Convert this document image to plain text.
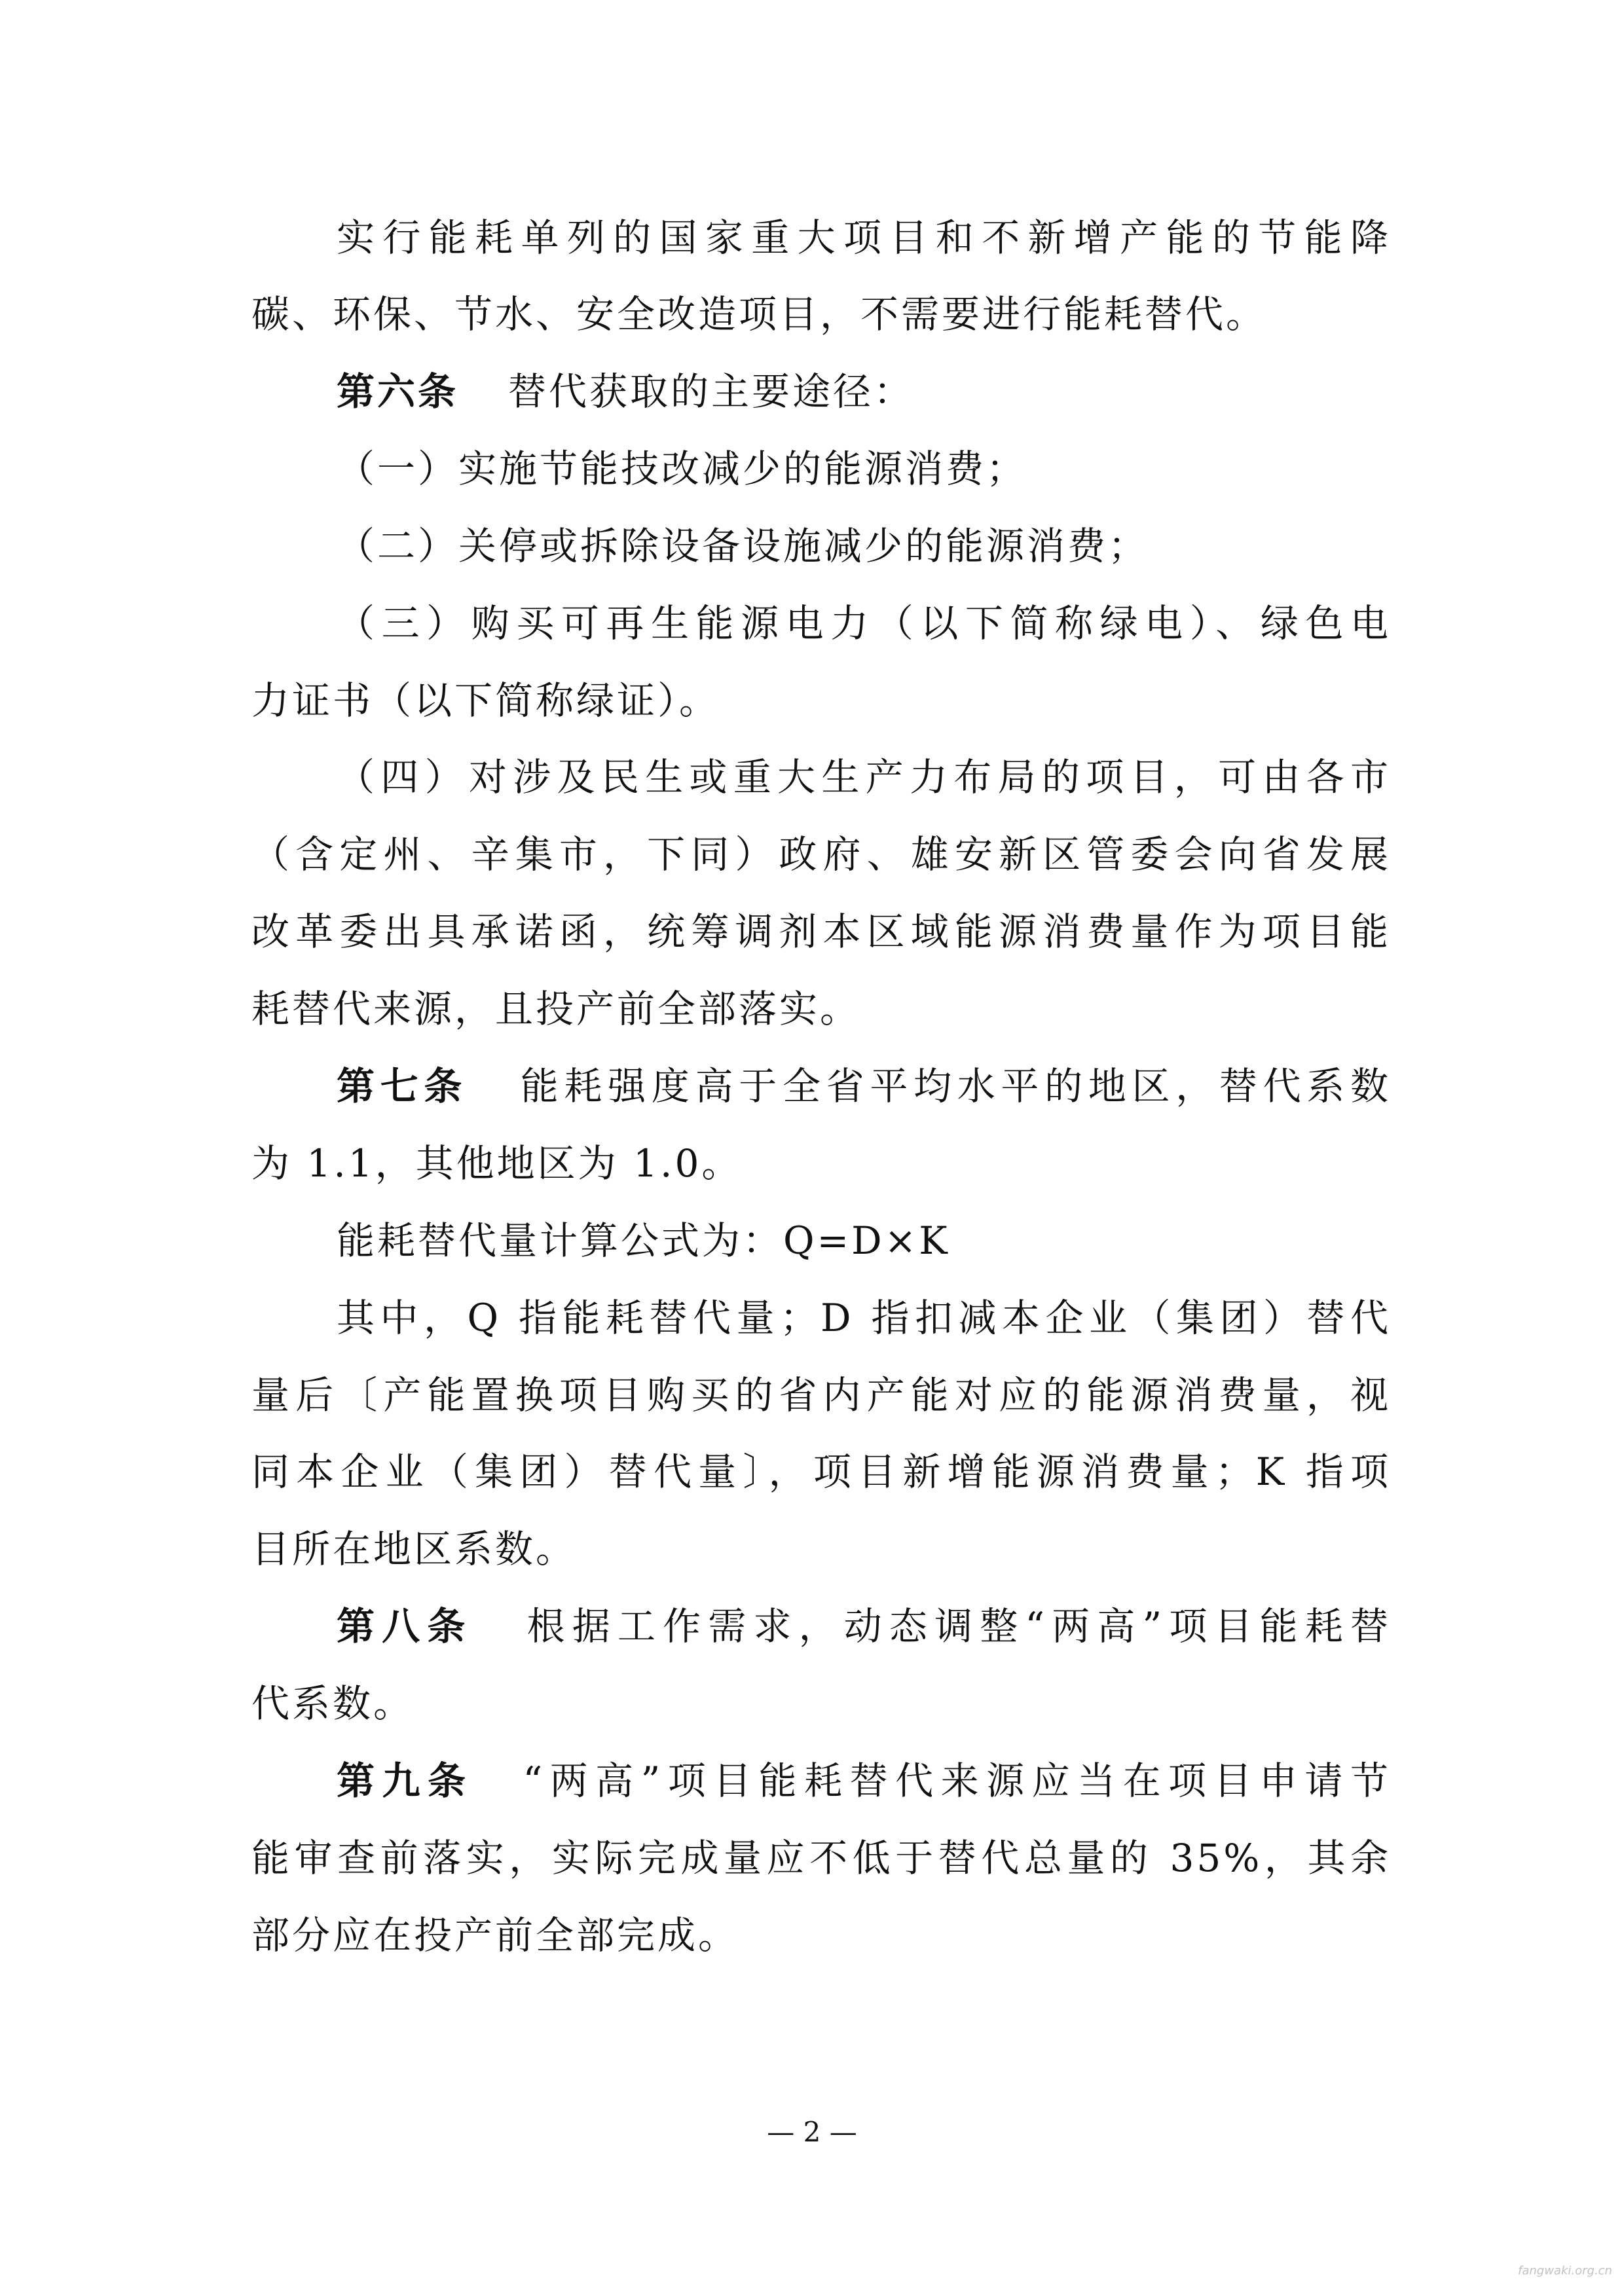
实行能耗单列的国家重大项目和不新增产能的节能降
碳、环保、节水、安全改造项目，不需要进行能耗替代。
第六条 替代获取的主要途径：
（一）实施节能技改减少的能源消费；
（二）关停或拆除设备设施减少的能源消费；
（三）购买可再生能源电力（以下简称绿电）、绿色电
力证书（以下简称绿证）。
（四）对涉及民生或重大生产力布局的项目，可由各市
（含定州、辛集市，下同）政府、雄安新区管委会向省发展
改革委出具承诺函，统筹调剂本区域能源消费量作为项目能
耗替代来源，且投产前全部落实。
第七条 能耗强度高于全省平均水平的地区，替代系数
为 1.1，其他地区为 1.0。
能耗替代量计算公式为：Q=D×K
其中，Q 指能耗替代量；D 指扣减本企业（集团）替代
量后〔产能置换项目购买的省内产能对应的能源消费量，视
同本企业（集团）替代量〕，项目新增能源消费量；K 指项
目所在地区系数。
第八条 根据工作需求，动态调整“两高”项目能耗替
代系数。
第九条 “两高”项目能耗替代来源应当在项目申请节
能审查前落实，实际完成量应不低于替代总量的 35%，其余
部分应在投产前全部完成。
— 2 —
fangwaki.org.cn
